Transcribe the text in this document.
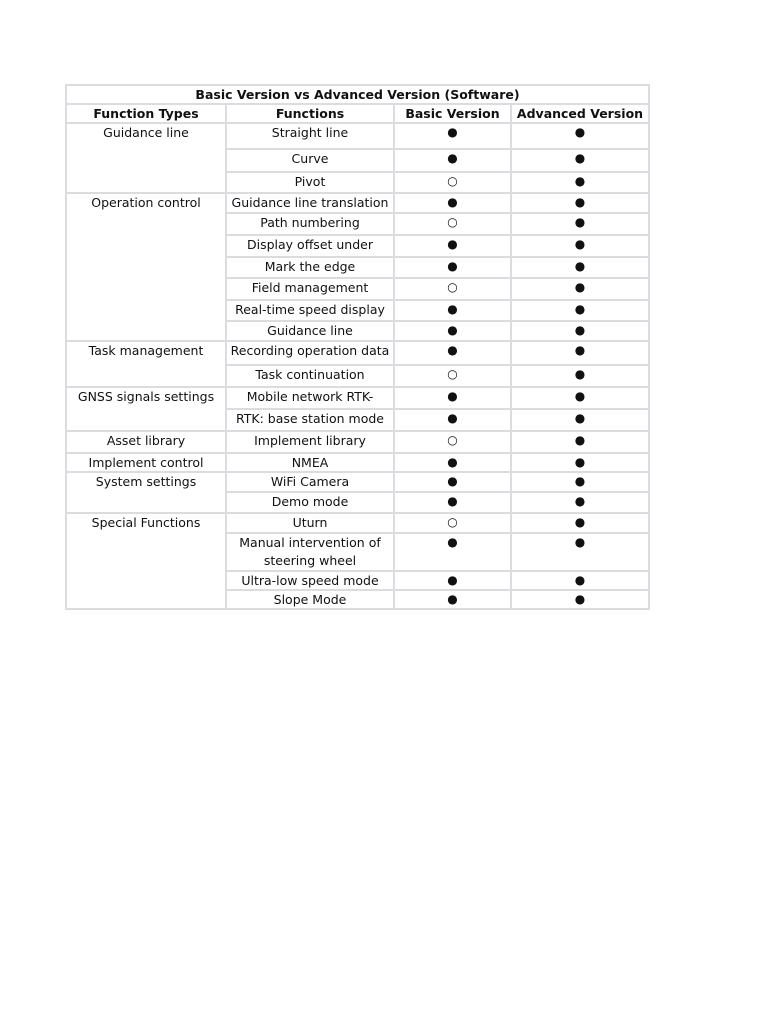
Basic Version vs Advanced Version (Software)			
Function Types	Functions	Basic Version	Advanced Version
Guidance line	Straight line	●	●
	Curve	●	●
	Pivot	○	●
Operation control	Guidance line translation	●	●
	Path numbering	○	●
	Display offset under	●	●
	Mark the edge	●	●
	Field management	○	●
	Real-time speed display	●	●
	Guidance line	●	●
Task management	Recording operation data	●	●
	Task continuation	○	●
GNSS signals settings	Mobile network RTK-	●	●
	RTK: base station mode	●	●
Asset library	Implement library	○	●
Implement control	NMEA	●	●
System settings	WiFi Camera	●	●
	Demo mode	●	●
Special Functions	Uturn	○	●
	Manual intervention of steering wheel	●	●
	Ultra-low speed mode	●	●
	Slope Mode	●	●
